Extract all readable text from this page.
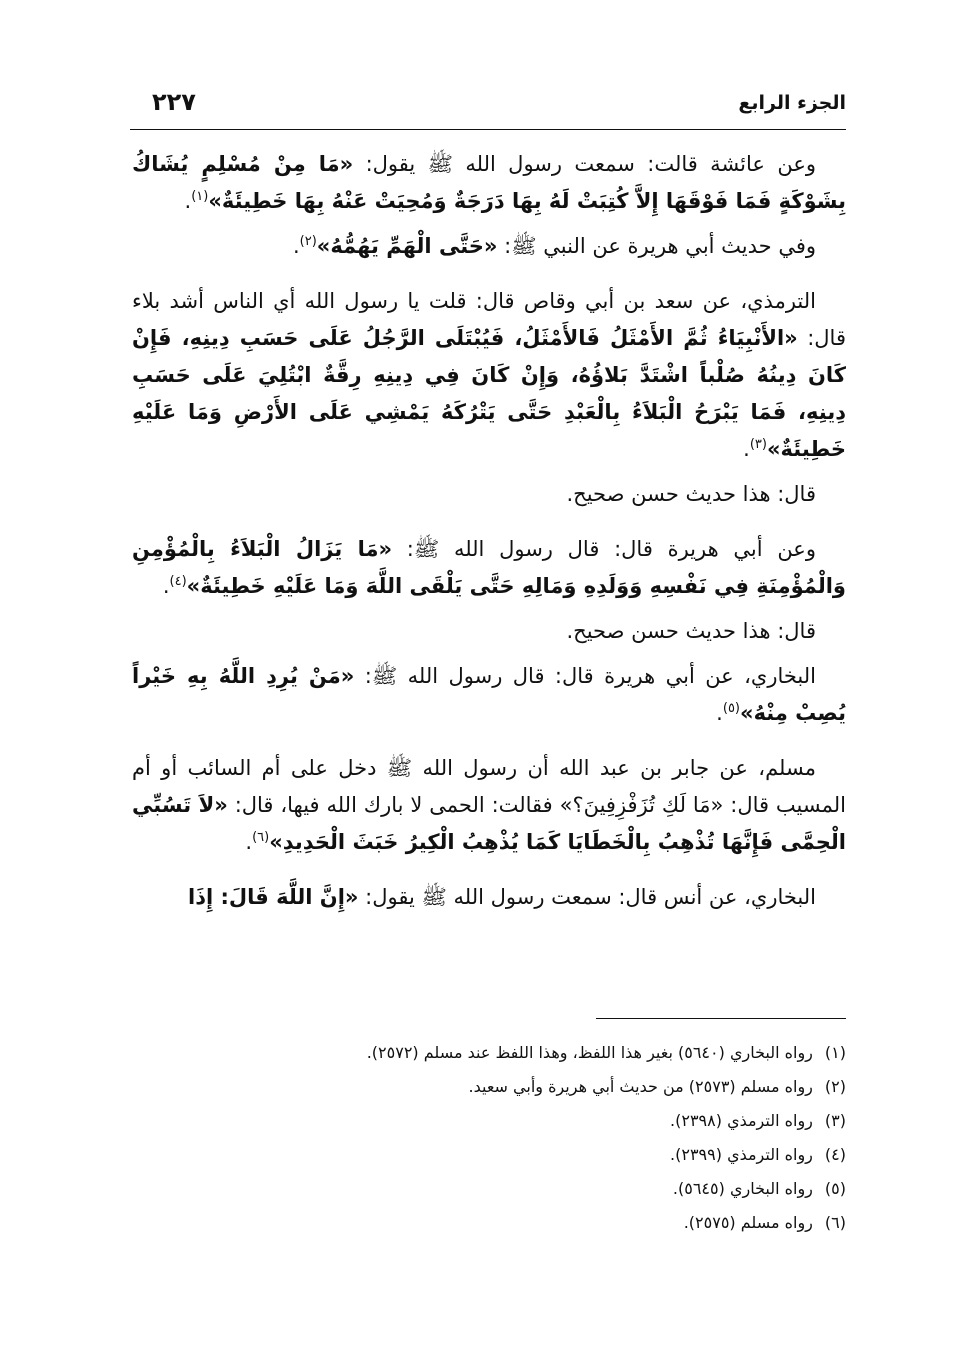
الجزء الرابع
٢٢٧

وعن عائشة قالت: سمعت رسول الله ﷺ يقول: «مَا مِنْ مُسْلِمٍ يُشَاكُ بِشَوْكَةٍ فَمَا فَوْقَهَا إِلاَّ كُتِبَتْ لَهُ بِهَا دَرَجَةٌ وَمُحِيَتْ عَنْهُ بِهَا خَطِيئَةٌ»$^{(١)}$.

وفي حديث أبي هريرة عن النبي ﷺ: «حَتَّى الْهَمِّ يَهُمُّهُ»$^{(٢)}$.

الترمذي، عن سعد بن أبي وقاص قال: قلت يا رسول الله أي الناس أشد بلاء قال: «الأَنْبِيَاءُ ثُمَّ الأَمْثَلُ فَالأَمْثَلُ، فَيُبْتَلَى الرَّجُلُ عَلَى حَسَبِ دِينِهِ، فَإِنْ كَانَ دِينُهُ صُلْباً اشْتَدَّ بَلاؤُهُ، وَإِنْ كَانَ فِي دِينِهِ رِقَّةٌ ابْتُلِيَ عَلَى حَسَبِ دِينِهِ، فَمَا يَبْرَحُ الْبَلاَءُ بِالْعَبْدِ حَتَّى يَتْرُكَهُ يَمْشِي عَلَى الأَرْضِ وَمَا عَلَيْهِ خَطِيئَةٌ»$^{(٣)}$.

قال: هذا حديث حسن صحيح.

وعن أبي هريرة قال: قال رسول الله ﷺ: «مَا يَزَالُ الْبَلاَءُ بِالْمُؤْمِنِ وَالْمُؤْمِنَةِ فِي نَفْسِهِ وَوَلَدِهِ وَمَالِهِ حَتَّى يَلْقَى اللَّهَ وَمَا عَلَيْهِ خَطِيئَةٌ»$^{(٤)}$.

قال: هذا حديث حسن صحيح.

البخاري، عن أبي هريرة قال: قال رسول الله ﷺ: «مَنْ يُرِدِ اللَّهُ بِهِ خَيْراً يُصِبْ مِنْهُ»$^{(٥)}$.

مسلم، عن جابر بن عبد الله أن رسول الله ﷺ دخل على أم السائب أو أم المسيب قال: «مَا لَكِ تُزَفْزِفِينَ؟» فقالت: الحمى لا بارك الله فيها، قال: «لاَ تَسُبِّي الْحِمَّى فَإِنَّهَا تُذْهِبُ بِالْخَطَايَا كَمَا يُذْهِبُ الْكِيرُ خَبَثَ الْحَدِيدِ»$^{(٦)}$.

البخاري، عن أنس قال: سمعت رسول الله ﷺ يقول: «إِنَّ اللَّهَ قَالَ: إِذَا

(١)رواه البخاري (٥٦٤٠) بغير هذا اللفظ، وهذا اللفظ عند مسلم (٢٥٧٢).
(٢)رواه مسلم (٢٥٧٣) من حديث أبي هريرة وأبي سعيد.
(٣)رواه الترمذي (٢٣٩٨).
(٤)رواه الترمذي (٢٣٩٩).
(٥)رواه البخاري (٥٦٤٥).
(٦)رواه مسلم (٢٥٧٥).
